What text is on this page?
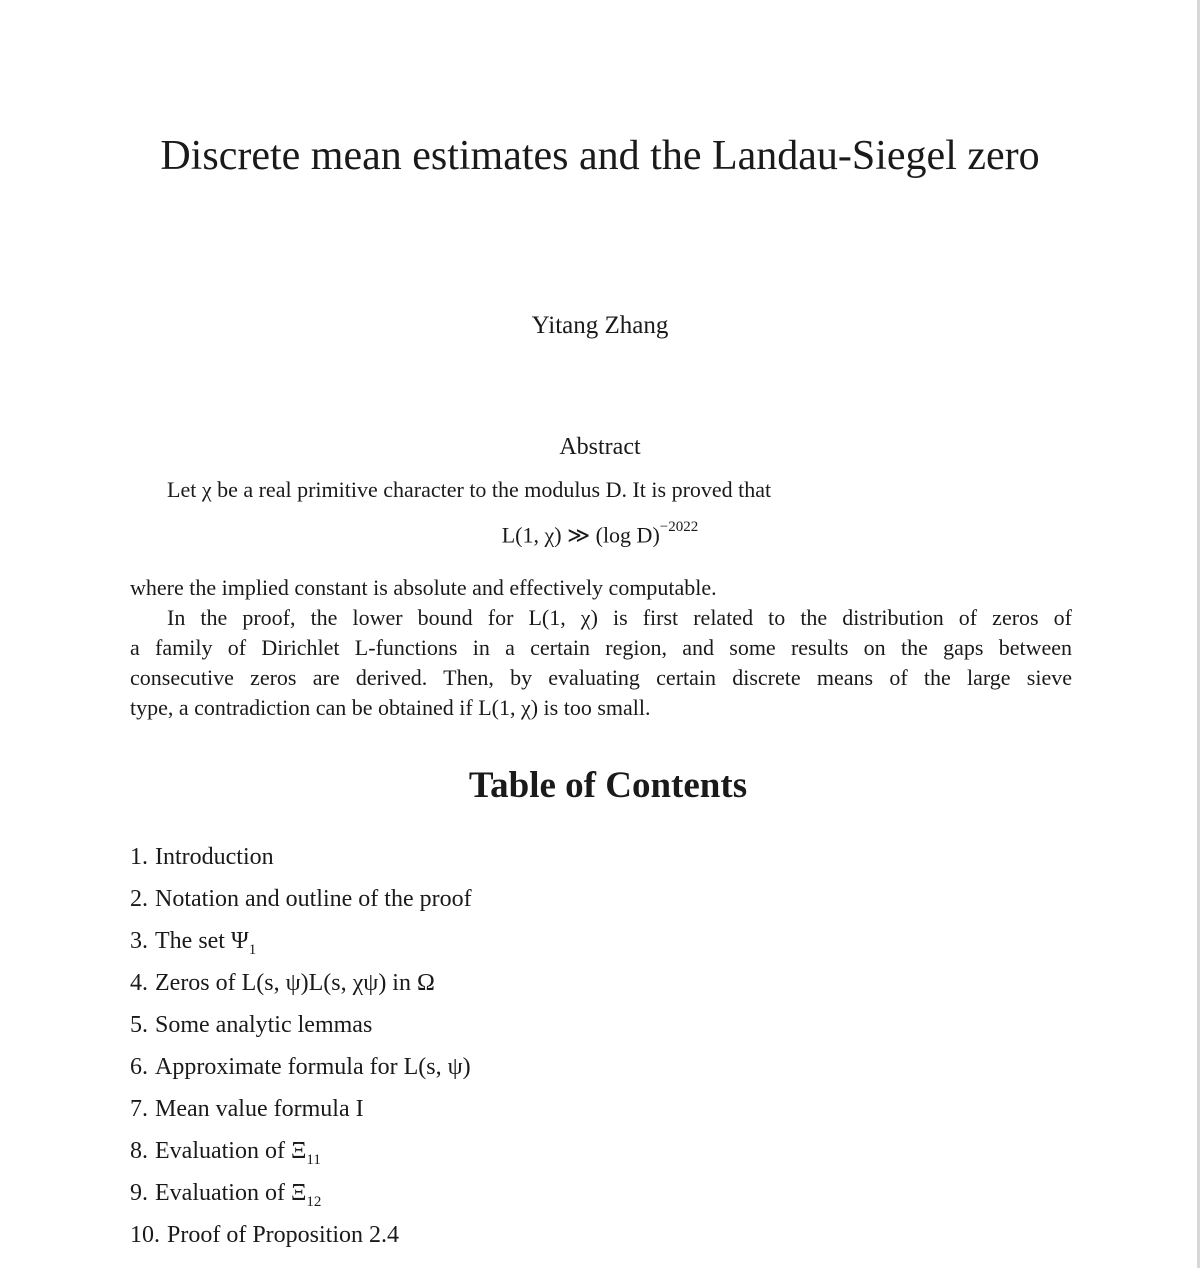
Discrete mean estimates and the Landau-Siegel zero
Yitang Zhang
Abstract
Let χ be a real primitive character to the modulus D. It is proved that
L(1, χ) ≫ (log D)$^{-2022}$
where the implied constant is absolute and effectively computable.
In the proof, the lower bound for L(1, χ) is first related to the distribution of zeros of
a family of Dirichlet L-functions in a certain region, and some results on the gaps between
consecutive zeros are derived. Then, by evaluating certain discrete means of the large sieve
type, a contradiction can be obtained if L(1, χ) is too small.
Table of Contents
1. Introduction
2. Notation and outline of the proof
3. The set $\Psi_1$
4. Zeros of L(s, ψ)L(s, χψ) in Ω
5. Some analytic lemmas
6. Approximate formula for L(s, ψ)
7. Mean value formula I
8. Evaluation of $\Xi_{11}$
9. Evaluation of $\Xi_{12}$
10. Proof of Proposition 2.4
